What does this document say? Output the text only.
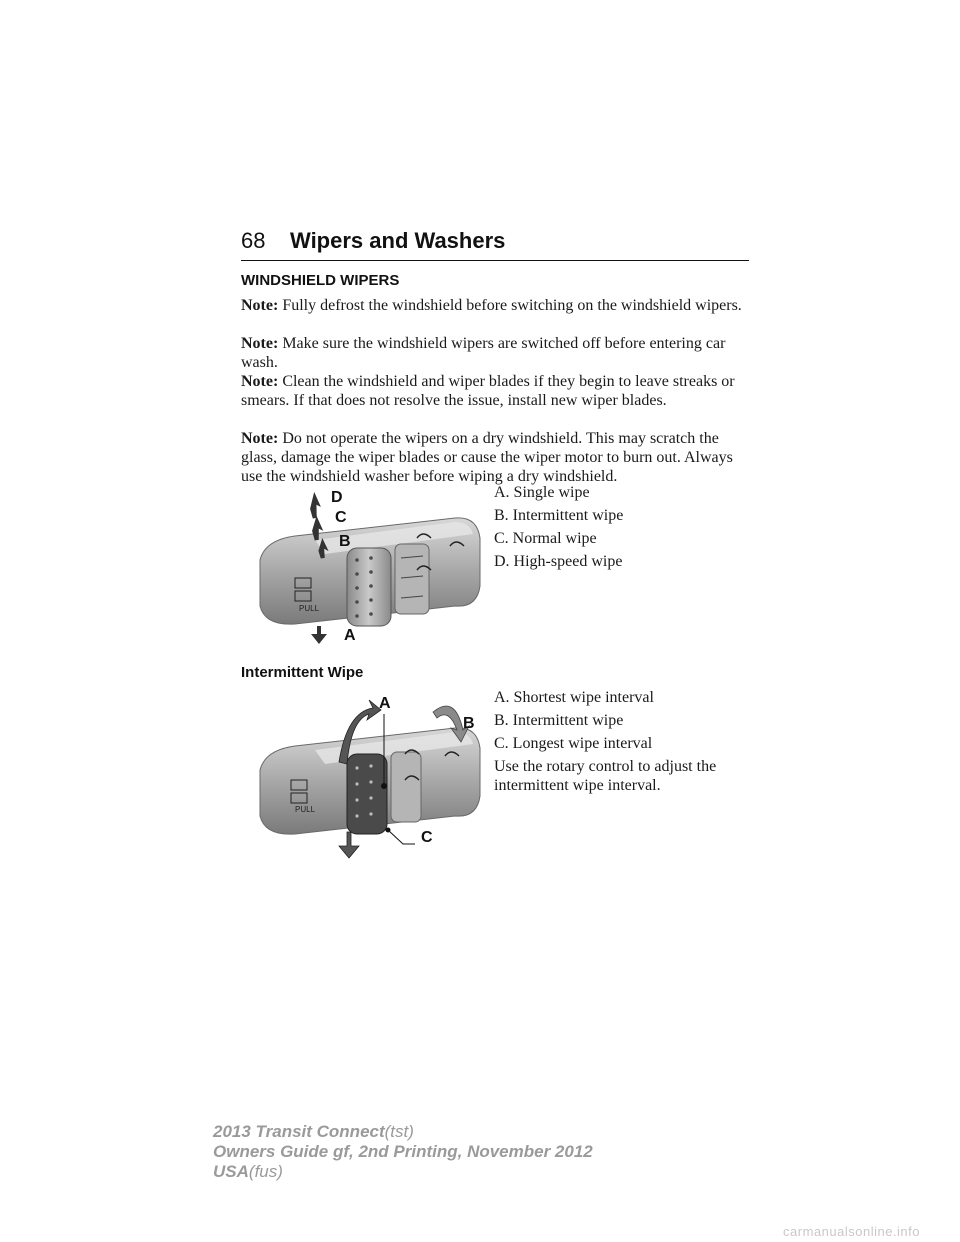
68 Wipers and Washers
WINDSHIELD WIPERS
Note: Fully defrost the windshield before switching on the windshield wipers.
Note: Make sure the windshield wipers are switched off before entering car wash.
Note: Clean the windshield and wiper blades if they begin to leave streaks or smears. If that does not resolve the issue, install new wiper blades.
Note: Do not operate the wipers on a dry windshield. This may scratch the glass, damage the wiper blades or cause the wiper motor to burn out. Always use the windshield washer before wiping a dry windshield.
PULL
D
C
B
A
A. Single wipe
B. Intermittent wipe
C. Normal wipe
D. High-speed wipe
Intermittent Wipe
PULL
A
B
C
A. Shortest wipe interval
B. Intermittent wipe
C. Longest wipe interval
Use the rotary control to adjust the intermittent wipe interval.
2013 Transit Connect(tst)
Owners Guide gf, 2nd Printing, November 2012
USA(fus)
carmanualsonline.info
